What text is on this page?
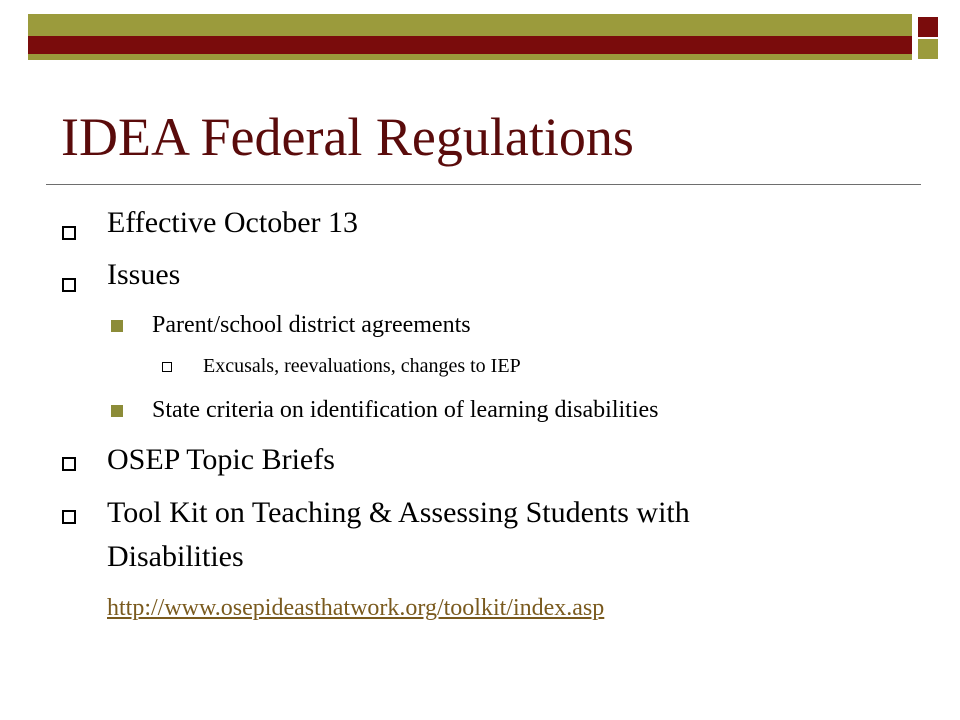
IDEA Federal Regulations
Effective October 13
Issues
Parent/school district agreements
Excusals, reevaluations, changes to IEP
State criteria on identification of learning disabilities
OSEP Topic Briefs
Tool Kit on Teaching & Assessing Students with
Disabilities
http://www.osepideasthatwork.org/toolkit/index.asp
